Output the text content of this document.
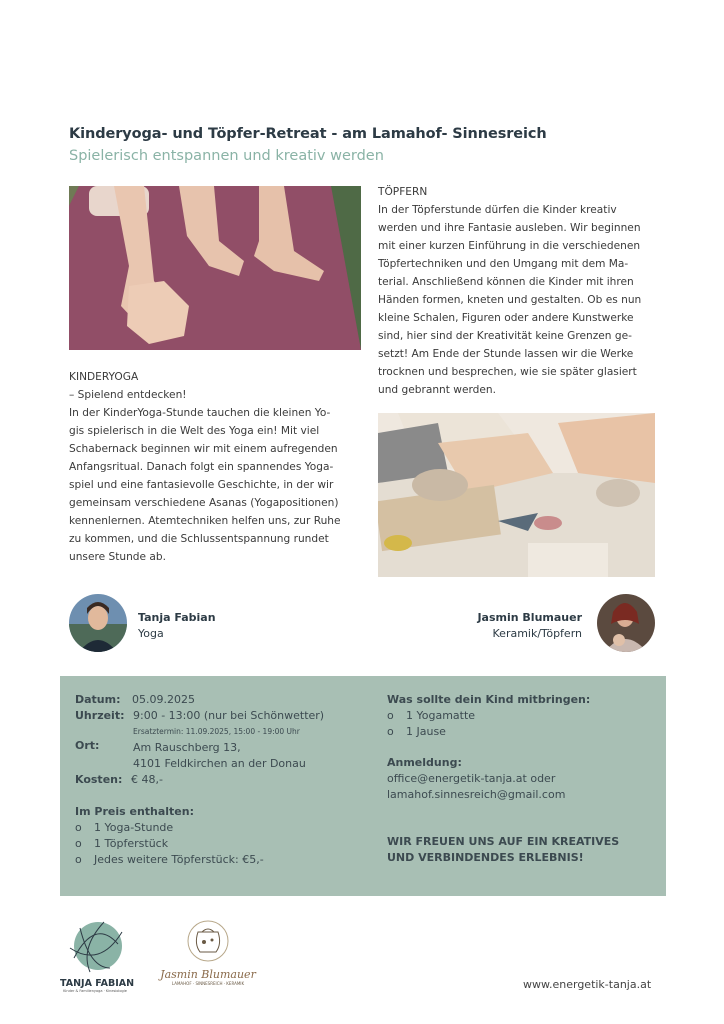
Kinderyoga- und Töpfer-Retreat - am Lamahof- Sinnesreich
Spielerisch entspannen und kreativ werden
KINDERYOGA
– Spielend entdecken!
In der KinderYoga-Stunde tauchen die kleinen Yo-
gis spielerisch in die Welt des Yoga ein! Mit viel
Schabernack beginnen wir mit einem aufregenden
Anfangsritual. Danach folgt ein spannendes Yoga-
spiel und eine fantasievolle Geschichte, in der wir
gemeinsam verschiedene Asanas (Yogapositionen)
kennenlernen. Atemtechniken helfen uns, zur Ruhe
zu kommen, und die Schlussentspannung rundet
unsere Stunde ab.
TÖPFERN
In der Töpferstunde dürfen die Kinder kreativ
werden und ihre Fantasie ausleben. Wir beginnen
mit einer kurzen Einführung in die verschiedenen
Töpfertechniken und den Umgang mit dem Ma-
terial. Anschließend können die Kinder mit ihren
Händen formen, kneten und gestalten. Ob es nun
kleine Schalen, Figuren oder andere Kunstwerke
sind, hier sind der Kreativität keine Grenzen ge-
setzt! Am Ende der Stunde lassen wir die Werke
trocknen und besprechen, wie sie später glasiert
und gebrannt werden.
Tanja Fabian
Yoga
Jasmin Blumauer
Keramik/Töpfern
Datum: 05.09.2025
Uhrzeit: 9:00 - 13:00 (nur bei Schönwetter)
Ersatztermin: 11.09.2025, 15:00 - 19:00 Uhr
Ort:	Am Rauschberg 13,
4101 Feldkirchen an der Donau
Kosten: € 48,-
Im Preis enthalten:
o 1 Yoga-Stunde
o 1 Töpferstück
o Jedes weitere Töpferstück: €5,-
Was sollte dein Kind mitbringen:
o 1 Yogamatte
o 1 Jause
Anmeldung:
office@energetik-tanja.at oder
lamahof.sinnesreich@gmail.com
WIR FREUEN UNS AUF EIN KREATIVES
UND VERBINDENDES ERLEBNIS!
TANJA FABIAN
Kinder & Familienyoga · Kinesiologie
Jasmin Blumauer
LAMAHOF · SINNESREICH · KERAMIK	www.energetik-tanja.at
